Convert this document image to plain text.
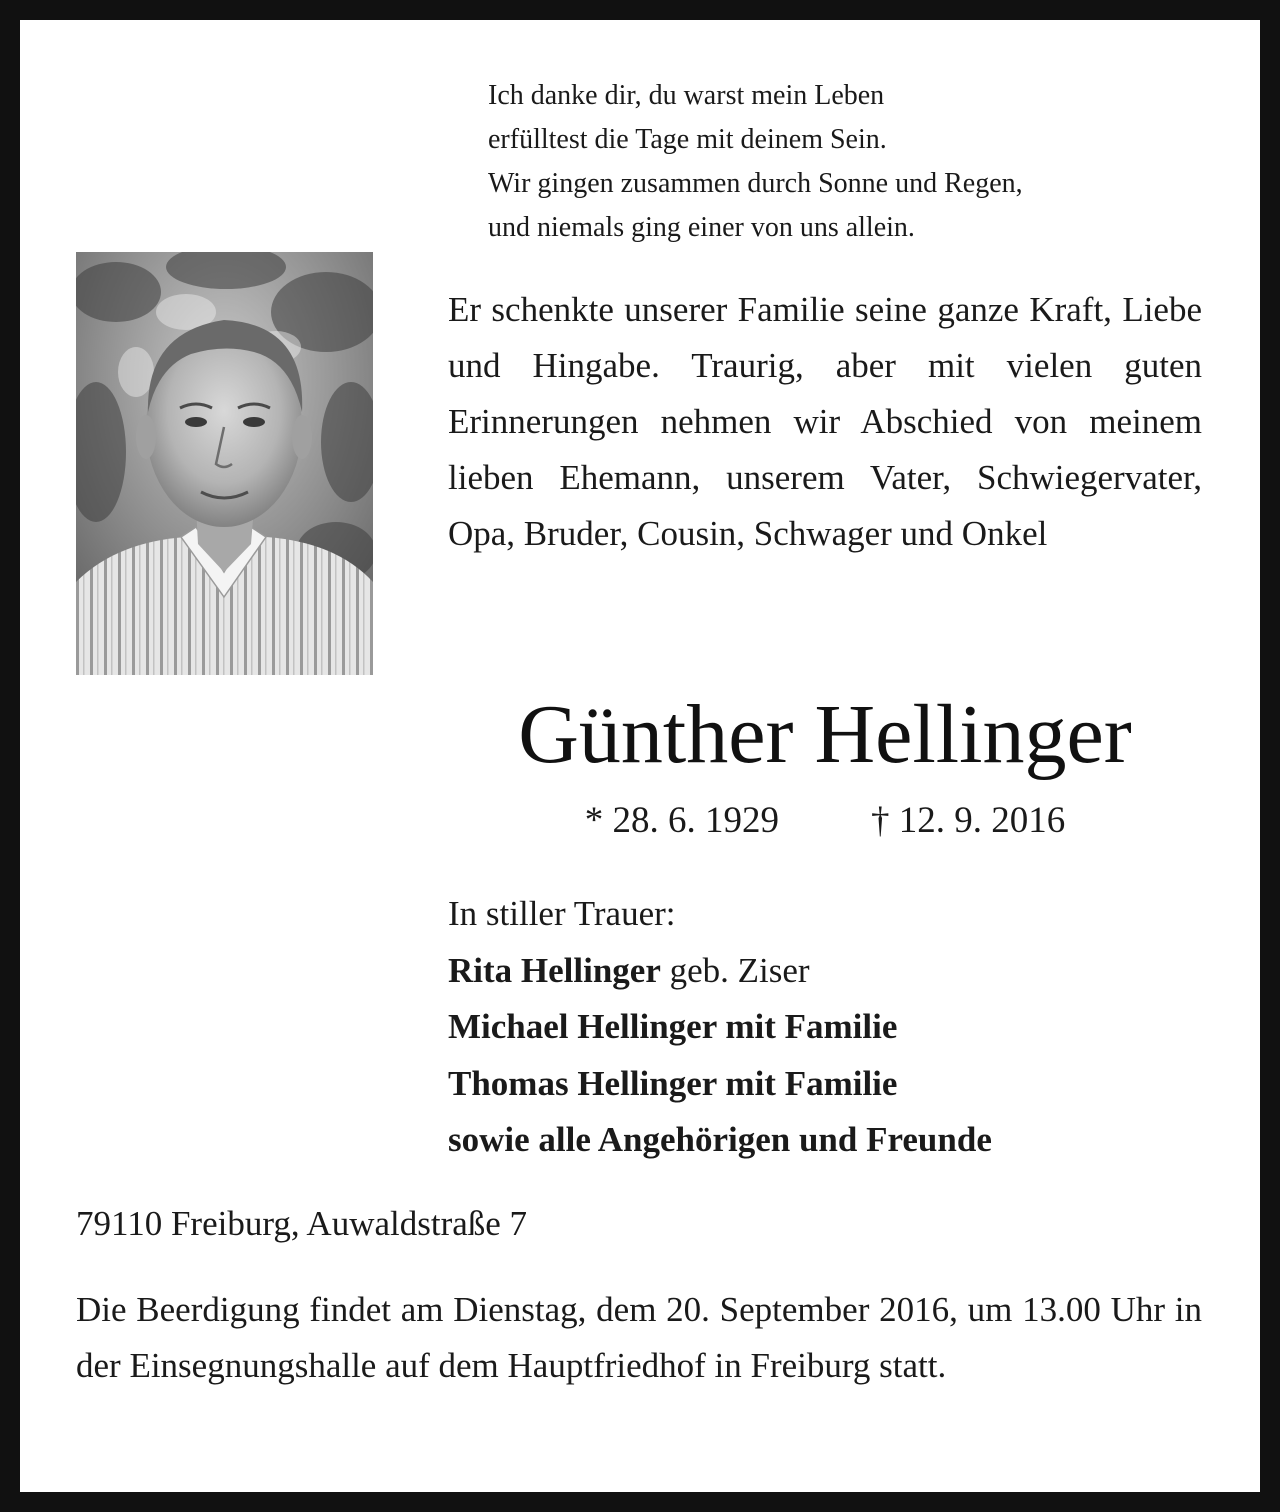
Ich danke dir, du warst mein Leben
erfülltest die Tage mit deinem Sein.
Wir gingen zusammen durch Sonne und Regen,
und niemals ging einer von uns allein.
Er schenkte unserer Familie seine ganze Kraft, Liebe und Hingabe. Traurig, aber mit vielen guten Erinnerungen nehmen wir Abschied von meinem lieben Ehemann, unserem Vater, Schwiegervater, Opa, Bruder, Cousin, Schwager und Onkel
Günther Hellinger
* 28. 6. 1929 † 12. 9. 2016
In stiller Trauer:
Rita Hellinger geb. Ziser
Michael Hellinger mit Familie
Thomas Hellinger mit Familie
sowie alle Angehörigen und Freunde
79110 Freiburg, Auwaldstraße 7
Die Beerdigung findet am Dienstag, dem 20. September 2016, um 13.00 Uhr in der Einsegnungshalle auf dem Hauptfriedhof in Freiburg statt.
